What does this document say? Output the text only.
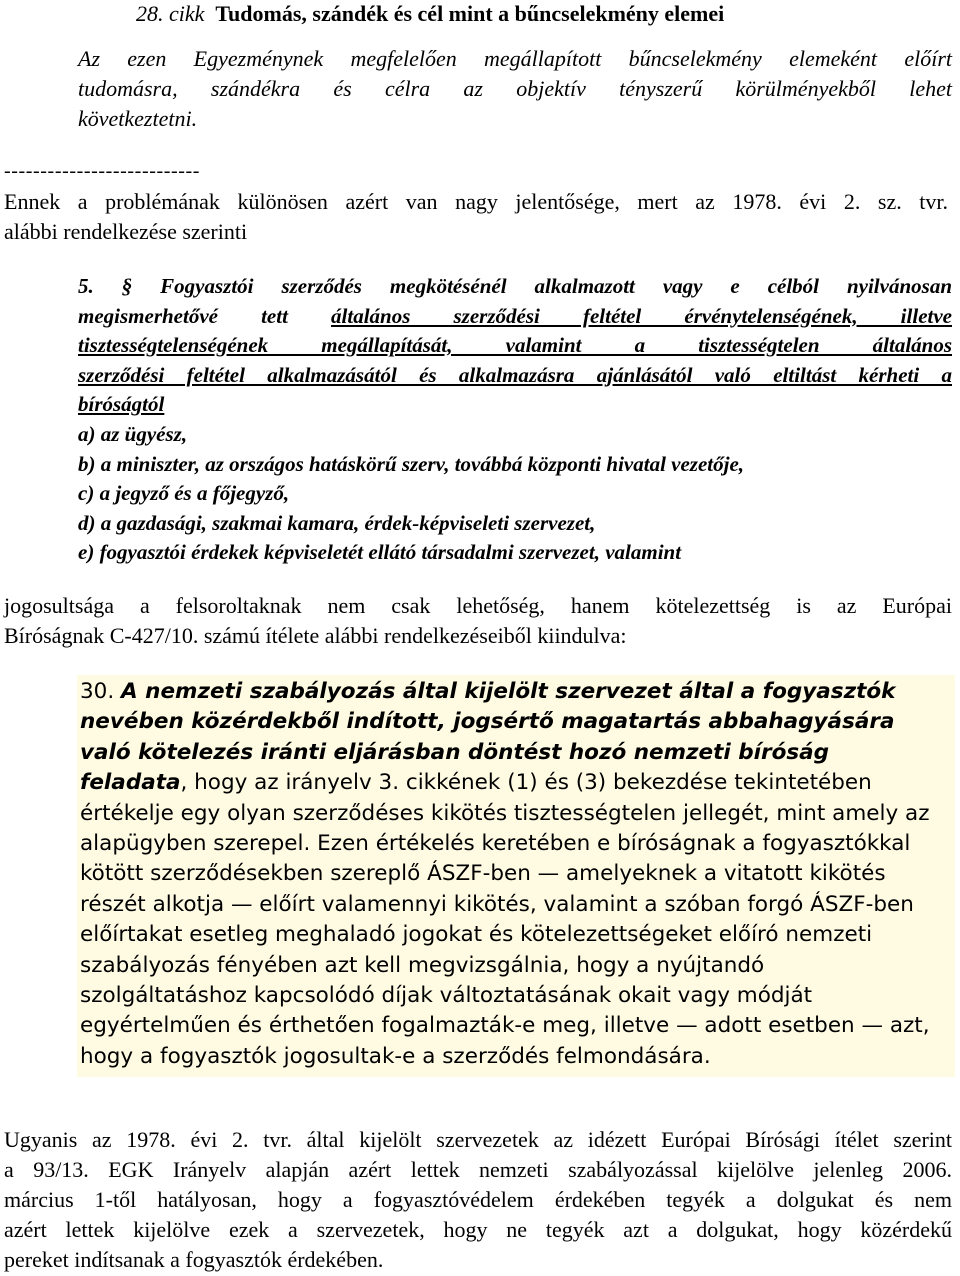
28. cikk Tudomás, szándék és cél mint a bűncselekmény elemei
Az ezen Egyezménynek megfelelően megállapított bűncselekmény elemeként előírt
tudomásra, szándékra és célra az objektív tényszerű körülményekből lehet
következtetni.
---------------------------
Ennek a problémának különösen azért van nagy jelentősége, mert az 1978. évi 2. sz. tvr.
alábbi rendelkezése szerinti
5. § Fogyasztói szerződés megkötésénél alkalmazott vagy e célból nyilvánosan
megismerhetővé tett általános szerződési feltétel érvénytelenségének, illetve
tisztességtelenségének megállapítását, valamint a tisztességtelen általános
szerződési feltétel alkalmazásától és alkalmazásra ajánlásától való eltiltást kérheti a
bíróságtól
a) az ügyész,
b) a miniszter, az országos hatáskörű szerv, továbbá központi hivatal vezetője,
c) a jegyző és a főjegyző,
d) a gazdasági, szakmai kamara, érdek-képviseleti szervezet,
e) fogyasztói érdekek képviseletét ellátó társadalmi szervezet, valamint
jogosultsága a felsoroltaknak nem csak lehetőség, hanem kötelezettség is az Európai
Bíróságnak C-427/10. számú ítélete alábbi rendelkezéseiből kiindulva:
30. A nemzeti szabályozás által kijelölt szervezet által a fogyasztók
nevében közérdekből indított, jogsértő magatartás abbahagyására
való kötelezés iránti eljárásban döntést hozó nemzeti bíróság
feladata, hogy az irányelv 3. cikkének (1) és (3) bekezdése tekintetében
értékelje egy olyan szerződéses kikötés tisztességtelen jellegét, mint amely az
alapügyben szerepel. Ezen értékelés keretében e bíróságnak a fogyasztókkal
kötött szerződésekben szereplő ÁSZF-ben — amelyeknek a vitatott kikötés
részét alkotja — előírt valamennyi kikötés, valamint a szóban forgó ÁSZF-ben
előírtakat esetleg meghaladó jogokat és kötelezettségeket előíró nemzeti
szabályozás fényében azt kell megvizsgálnia, hogy a nyújtandó
szolgáltatáshoz kapcsolódó díjak változtatásának okait vagy módját
egyértelműen és érthetően fogalmazták-e meg, illetve — adott esetben — azt,
hogy a fogyasztók jogosultak-e a szerződés felmondására.
Ugyanis az 1978. évi 2. tvr. által kijelölt szervezetek az idézett Európai Bírósági ítélet szerint
a 93/13. EGK Irányelv alapján azért lettek nemzeti szabályozással kijelölve jelenleg 2006.
március 1-től hatályosan, hogy a fogyasztóvédelem érdekében tegyék a dolgukat és nem
azért lettek kijelölve ezek a szervezetek, hogy ne tegyék azt a dolgukat, hogy közérdekű
pereket indítsanak a fogyasztók érdekében.
